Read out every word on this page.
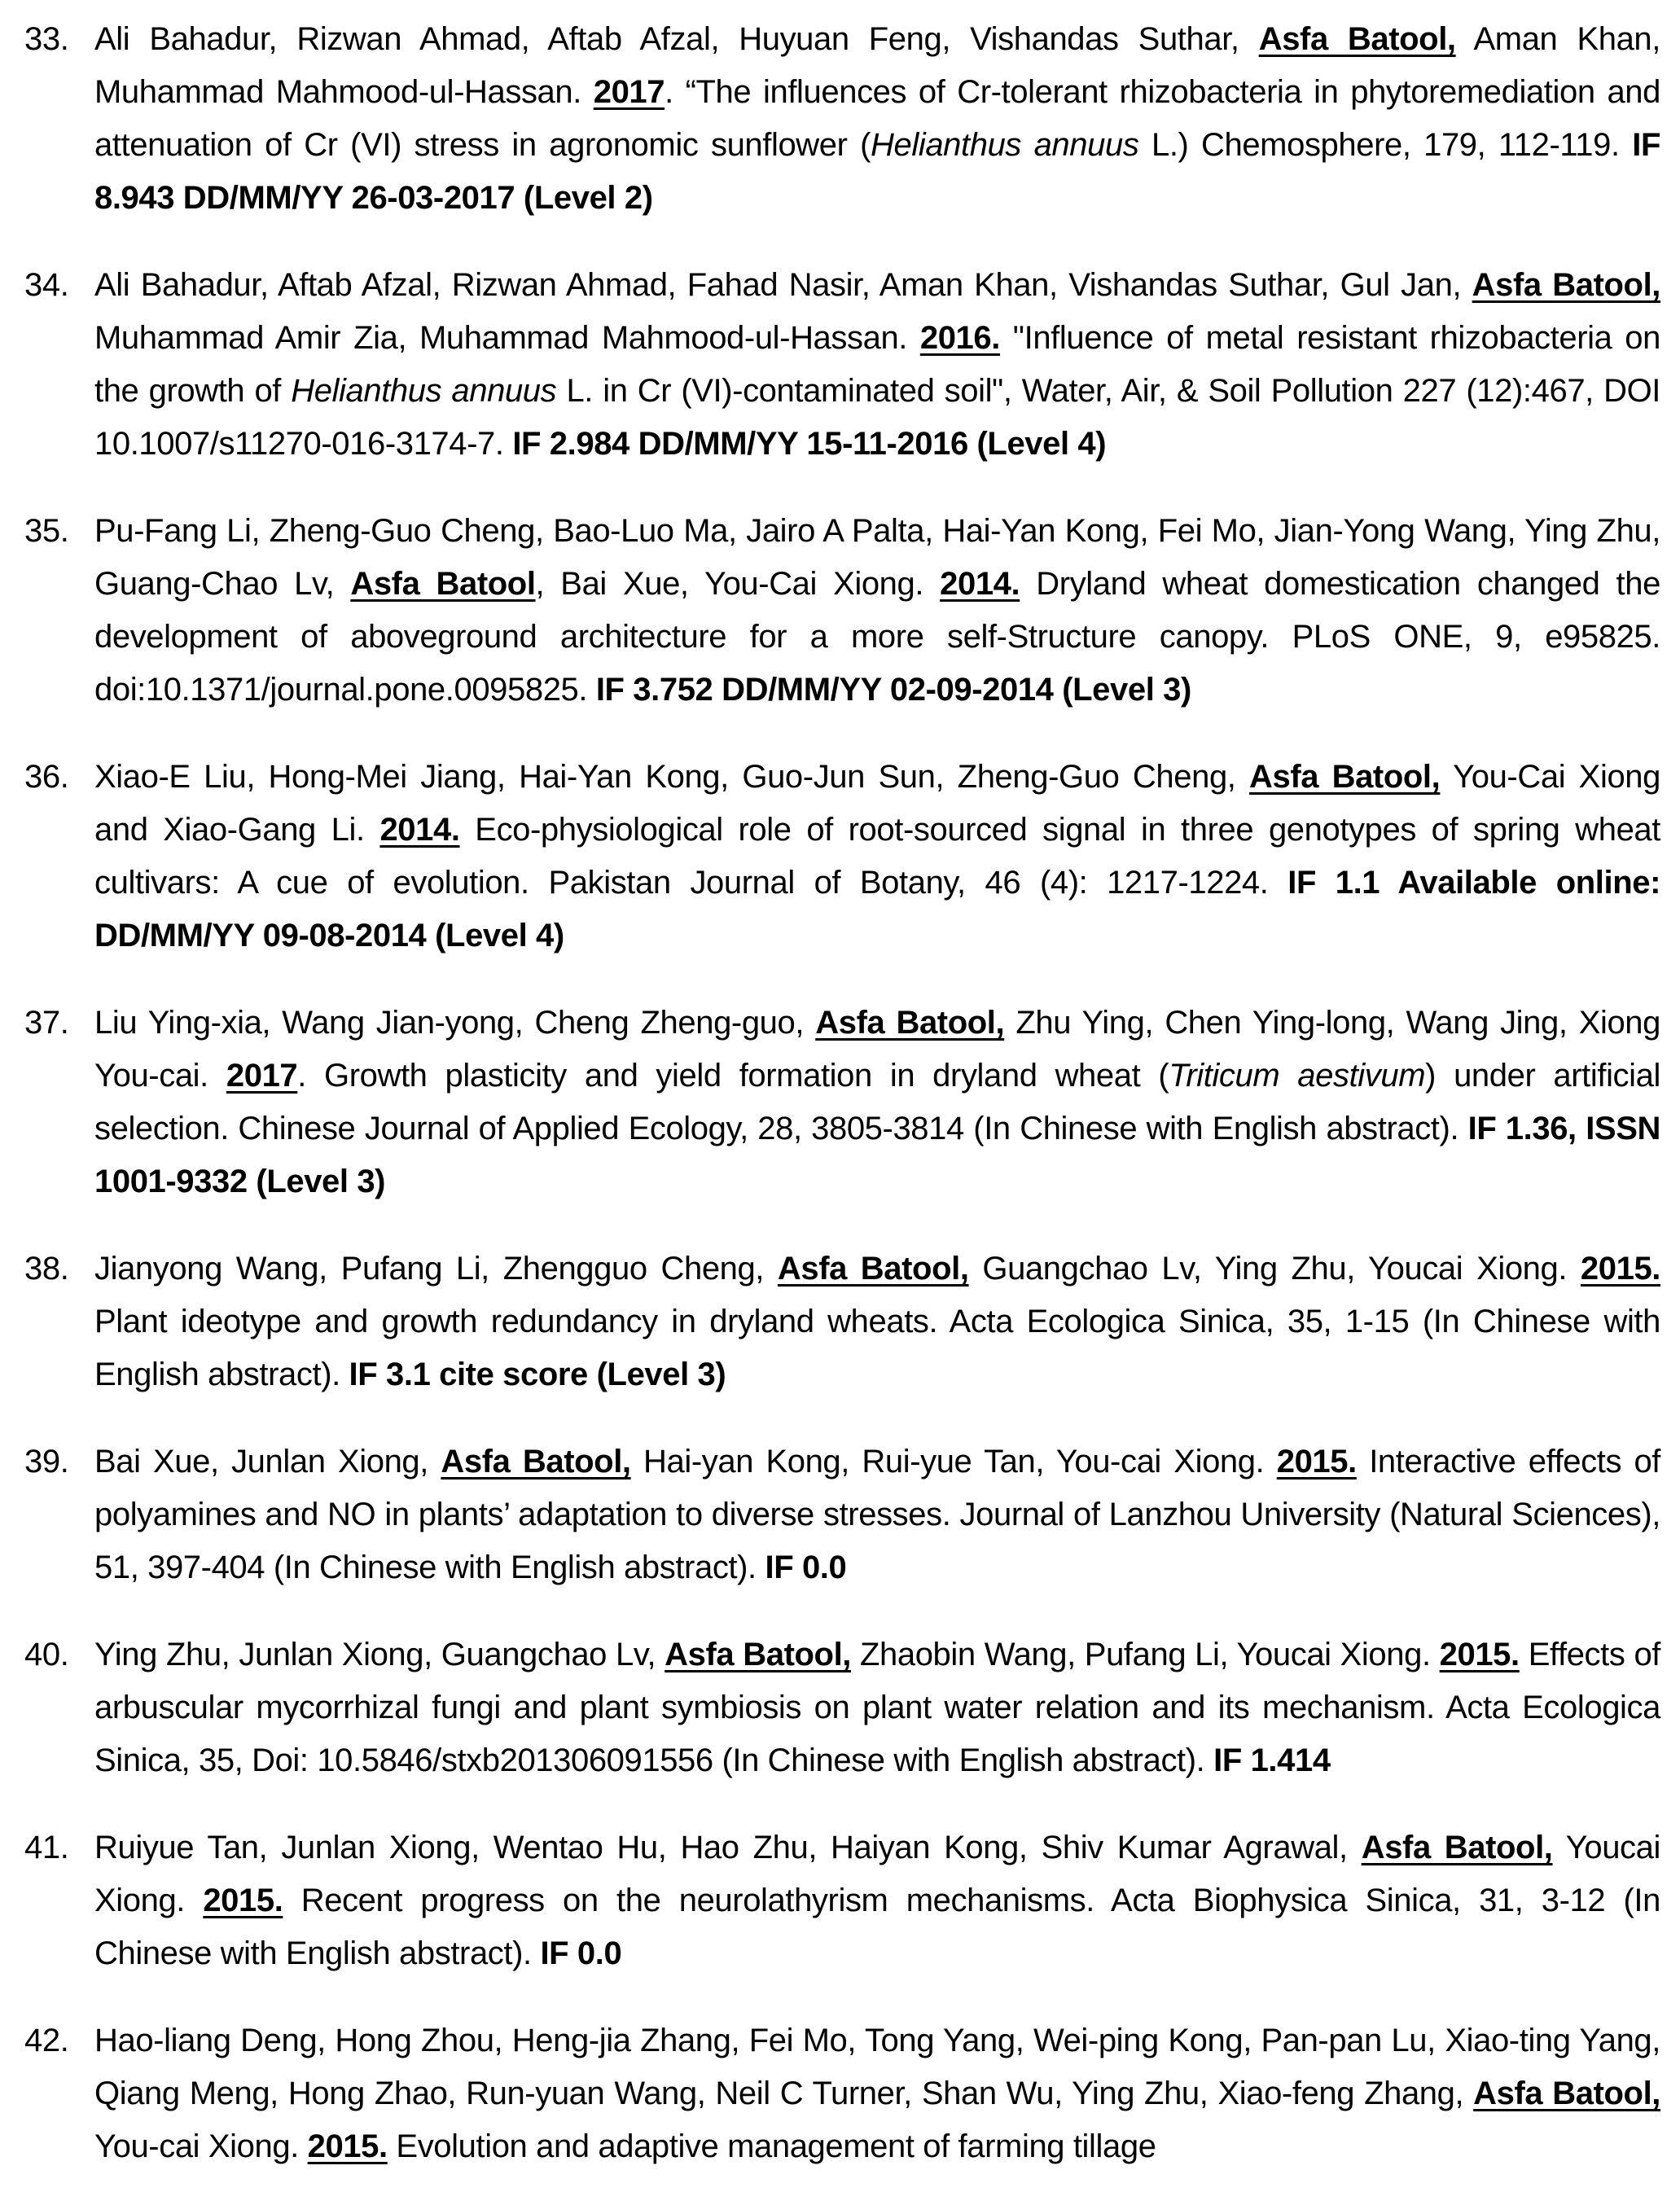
33. Ali Bahadur, Rizwan Ahmad, Aftab Afzal, Huyuan Feng, Vishandas Suthar, Asfa Batool, Aman Khan, Muhammad Mahmood-ul-Hassan. 2017. “The influences of Cr-tolerant rhizobacteria in phytoremediation and attenuation of Cr (VI) stress in agronomic sunflower (Helianthus annuus L.) Chemosphere, 179, 112-119. IF 8.943 DD/MM/YY 26-03-2017 (Level 2)
34. Ali Bahadur, Aftab Afzal, Rizwan Ahmad, Fahad Nasir, Aman Khan, Vishandas Suthar, Gul Jan, Asfa Batool, Muhammad Amir Zia, Muhammad Mahmood-ul-Hassan. 2016. "Influence of metal resistant rhizobacteria on the growth of Helianthus annuus L. in Cr (VI)-contaminated soil", Water, Air, & Soil Pollution 227 (12):467, DOI 10.1007/s11270-016-3174-7. IF 2.984 DD/MM/YY 15-11-2016 (Level 4)
35. Pu-Fang Li, Zheng-Guo Cheng, Bao-Luo Ma, Jairo A Palta, Hai-Yan Kong, Fei Mo, Jian-Yong Wang, Ying Zhu, Guang-Chao Lv, Asfa Batool, Bai Xue, You-Cai Xiong. 2014. Dryland wheat domestication changed the development of aboveground architecture for a more self-Structure canopy. PLoS ONE, 9, e95825. doi:10.1371/journal.pone.0095825. IF 3.752 DD/MM/YY 02-09-2014 (Level 3)
36. Xiao-E Liu, Hong-Mei Jiang, Hai-Yan Kong, Guo-Jun Sun, Zheng-Guo Cheng, Asfa Batool, You-Cai Xiong and Xiao-Gang Li. 2014. Eco-physiological role of root-sourced signal in three genotypes of spring wheat cultivars: A cue of evolution. Pakistan Journal of Botany, 46 (4): 1217-1224. IF 1.1 Available online: DD/MM/YY 09-08-2014 (Level 4)
37. Liu Ying-xia, Wang Jian-yong, Cheng Zheng-guo, Asfa Batool, Zhu Ying, Chen Ying-long, Wang Jing, Xiong You-cai. 2017. Growth plasticity and yield formation in dryland wheat (Triticum aestivum) under artificial selection. Chinese Journal of Applied Ecology, 28, 3805-3814 (In Chinese with English abstract). IF 1.36, ISSN 1001-9332 (Level 3)
38. Jianyong Wang, Pufang Li, Zhengguo Cheng, Asfa Batool, Guangchao Lv, Ying Zhu, Youcai Xiong. 2015. Plant ideotype and growth redundancy in dryland wheats. Acta Ecologica Sinica, 35, 1-15 (In Chinese with English abstract). IF 3.1 cite score (Level 3)
39. Bai Xue, Junlan Xiong, Asfa Batool, Hai-yan Kong, Rui-yue Tan, You-cai Xiong. 2015. Interactive effects of polyamines and NO in plants’ adaptation to diverse stresses. Journal of Lanzhou University (Natural Sciences), 51, 397-404 (In Chinese with English abstract). IF 0.0
40. Ying Zhu, Junlan Xiong, Guangchao Lv, Asfa Batool, Zhaobin Wang, Pufang Li, Youcai Xiong. 2015. Effects of arbuscular mycorrhizal fungi and plant symbiosis on plant water relation and its mechanism. Acta Ecologica Sinica, 35, Doi: 10.5846/stxb201306091556 (In Chinese with English abstract). IF 1.414
41. Ruiyue Tan, Junlan Xiong, Wentao Hu, Hao Zhu, Haiyan Kong, Shiv Kumar Agrawal, Asfa Batool, Youcai Xiong. 2015. Recent progress on the neurolathyrism mechanisms. Acta Biophysica Sinica, 31, 3-12 (In Chinese with English abstract). IF 0.0
42. Hao-liang Deng, Hong Zhou, Heng-jia Zhang, Fei Mo, Tong Yang, Wei-ping Kong, Pan-pan Lu, Xiao-ting Yang, Qiang Meng, Hong Zhao, Run-yuan Wang, Neil C Turner, Shan Wu, Ying Zhu, Xiao-feng Zhang, Asfa Batool, You-cai Xiong. 2015. Evolution and adaptive management of farming tillage
